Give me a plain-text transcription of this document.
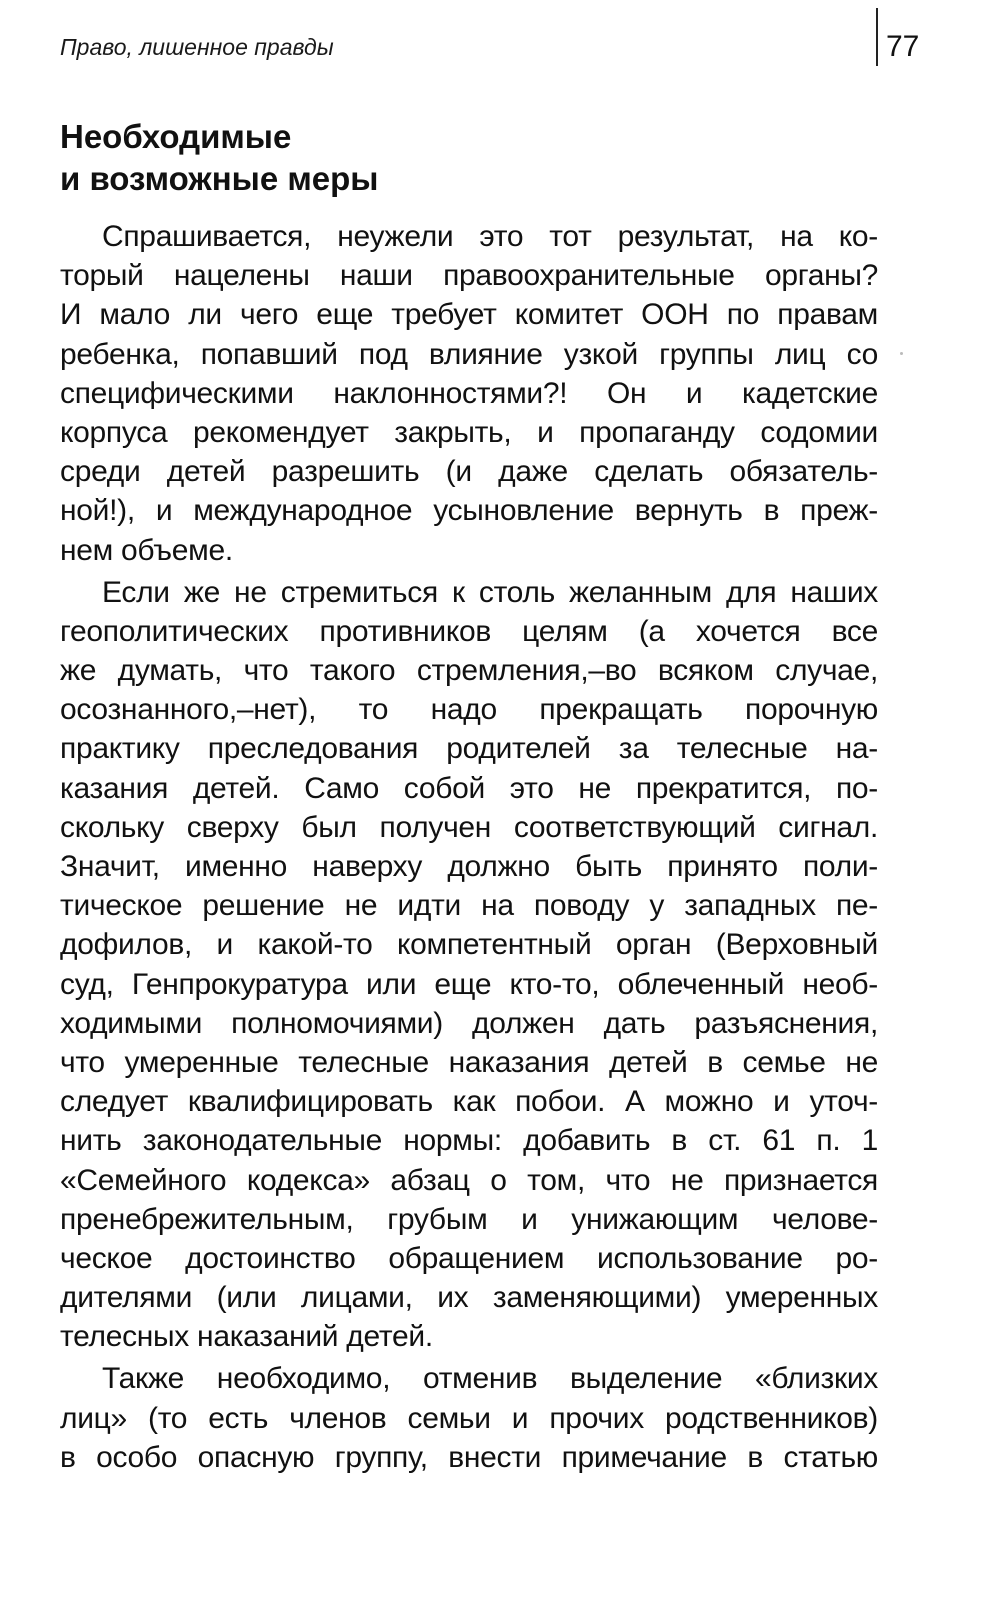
Право, лишенное правды	77
Необходимые
и возможные меры
Спрашивается, неужели это тот результат, на ко-
торый нацелены наши правоохранительные органы?
И мало ли чего еще требует комитет ООН по правам
ребенка, попавший под влияние узкой группы лиц со
специфическими наклонностями?! Он и кадетские
корпуса рекомендует закрыть, и пропаганду содомии
среди детей разрешить (и даже сделать обязатель-
ной!), и международное усыновление вернуть в преж-
нем объеме.
Если же не стремиться к столь желанным для наших
геополитических противников целям (а хочется все
же думать, что такого стремления,–во всяком случае,
осознанного,–нет), то надо прекращать порочную
практику преследования родителей за телесные на-
казания детей. Само собой это не прекратится, по-
скольку сверху был получен соответствующий сигнал.
Значит, именно наверху должно быть принято поли-
тическое решение не идти на поводу у западных пе-
дофилов, и какой-то компетентный орган (Верховный
суд, Генпрокуратура или еще кто-то, облеченный необ-
ходимыми полномочиями) должен дать разъяснения,
что умеренные телесные наказания детей в семье не
следует квалифицировать как побои. А можно и уточ-
нить законодательные нормы: добавить в ст. 61 п. 1
«Семейного кодекса» абзац о том, что не признается
пренебрежительным, грубым и унижающим челове-
ческое достоинство обращением использование ро-
дителями (или лицами, их заменяющими) умеренных
телесных наказаний детей.
Также необходимо, отменив выделение «близких
лиц» (то есть членов семьи и прочих родственников)
в особо опасную группу, внести примечание в статью
